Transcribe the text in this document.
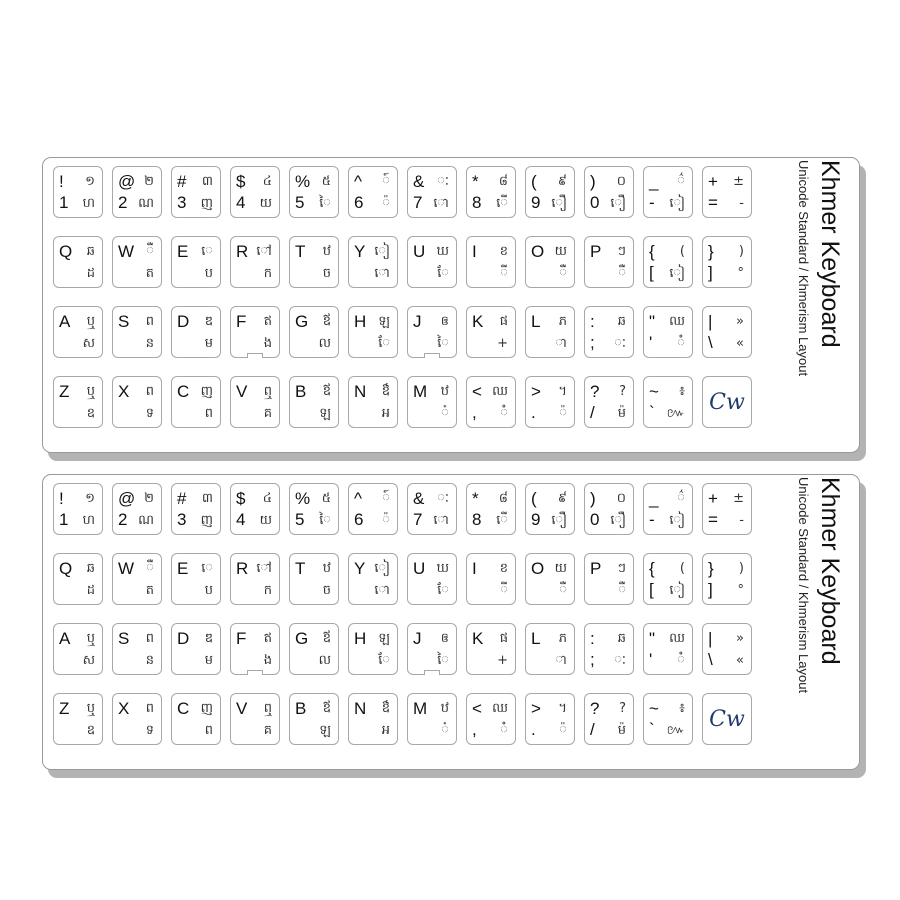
!
1
១
ហ
@
2
២
ណ
#
3
៣
ញ
$
4
៤
យ
%
5
៥
ៃ
^
6
៍
៉
&
7
ៈ
ោ
*
8
៨
ើ
(
9
៩
ឿ
)
0
០
ឿ
_
-
៌
ៀ
+
=
±
-
Q ឆ
ដ
W ឺ
ត
E េ
ប
R ៅ
ក
T ឋ
ច
Y ៀ
ោ
U ឃ
ែ
I ខ
ី
O យ
ឺ
P ៗ
ឺ
{
[
(
ៀ
}
]
)
°
A ឬ
ស
S ព
ន
D ឌ
ម
F ឥ
ង
G ឪ
ល
H ឡ
ែ
J ឲ
ៃ
K ផ
+
L ភ
ា
:
;
ឆ
ៈ
"
'
ឈ
ំ
|
\
»
«
Z ឬ
ឧ
X ព
ទ
C ញ
ព
V ឮ
គ
B ឪ
ឡ
N ឳ
អ
M ឋ
៎
<
,
ឈ
ំ
>
.
។
៉
?
/
?
ម៉
~
`
៖
៚ Cw
Khmer Keyboard
Unicode Standard / Khmerism Layout
!
1
១
ហ
@
2
២
ណ
#
3
៣
ញ
$
4
៤
យ
%
5
៥
ៃ
^
6
៍
៉
&
7
ៈ
ោ
*
8
៨
ើ
(
9
៩
ឿ
)
0
០
ឿ
_
-
៌
ៀ
+
=
±
-
Q ឆ
ដ
W ឺ
ត
E េ
ប
R ៅ
ក
T ឋ
ច
Y ៀ
ោ
U ឃ
ែ
I ខ
ី
O យ
ឺ
P ៗ
ឺ
{
[
(
ៀ
}
]
)
°
A ឬ
ស
S ព
ន
D ឌ
ម
F ឥ
ង
G ឪ
ល
H ឡ
ែ
J ឲ
ៃ
K ផ
+
L ភ
ា
:
;
ឆ
ៈ
"
'
ឈ
ំ
|
\
»
«
Z ឬ
ឧ
X ព
ទ
C ញ
ព
V ឮ
គ
B ឪ
ឡ
N ឳ
អ
M ឋ
៎
<
,
ឈ
ំ
>
.
។
៉
?
/
?
ម៉
~
`
៖
៚ Cw
Khmer Keyboard
Unicode Standard / Khmerism Layout
